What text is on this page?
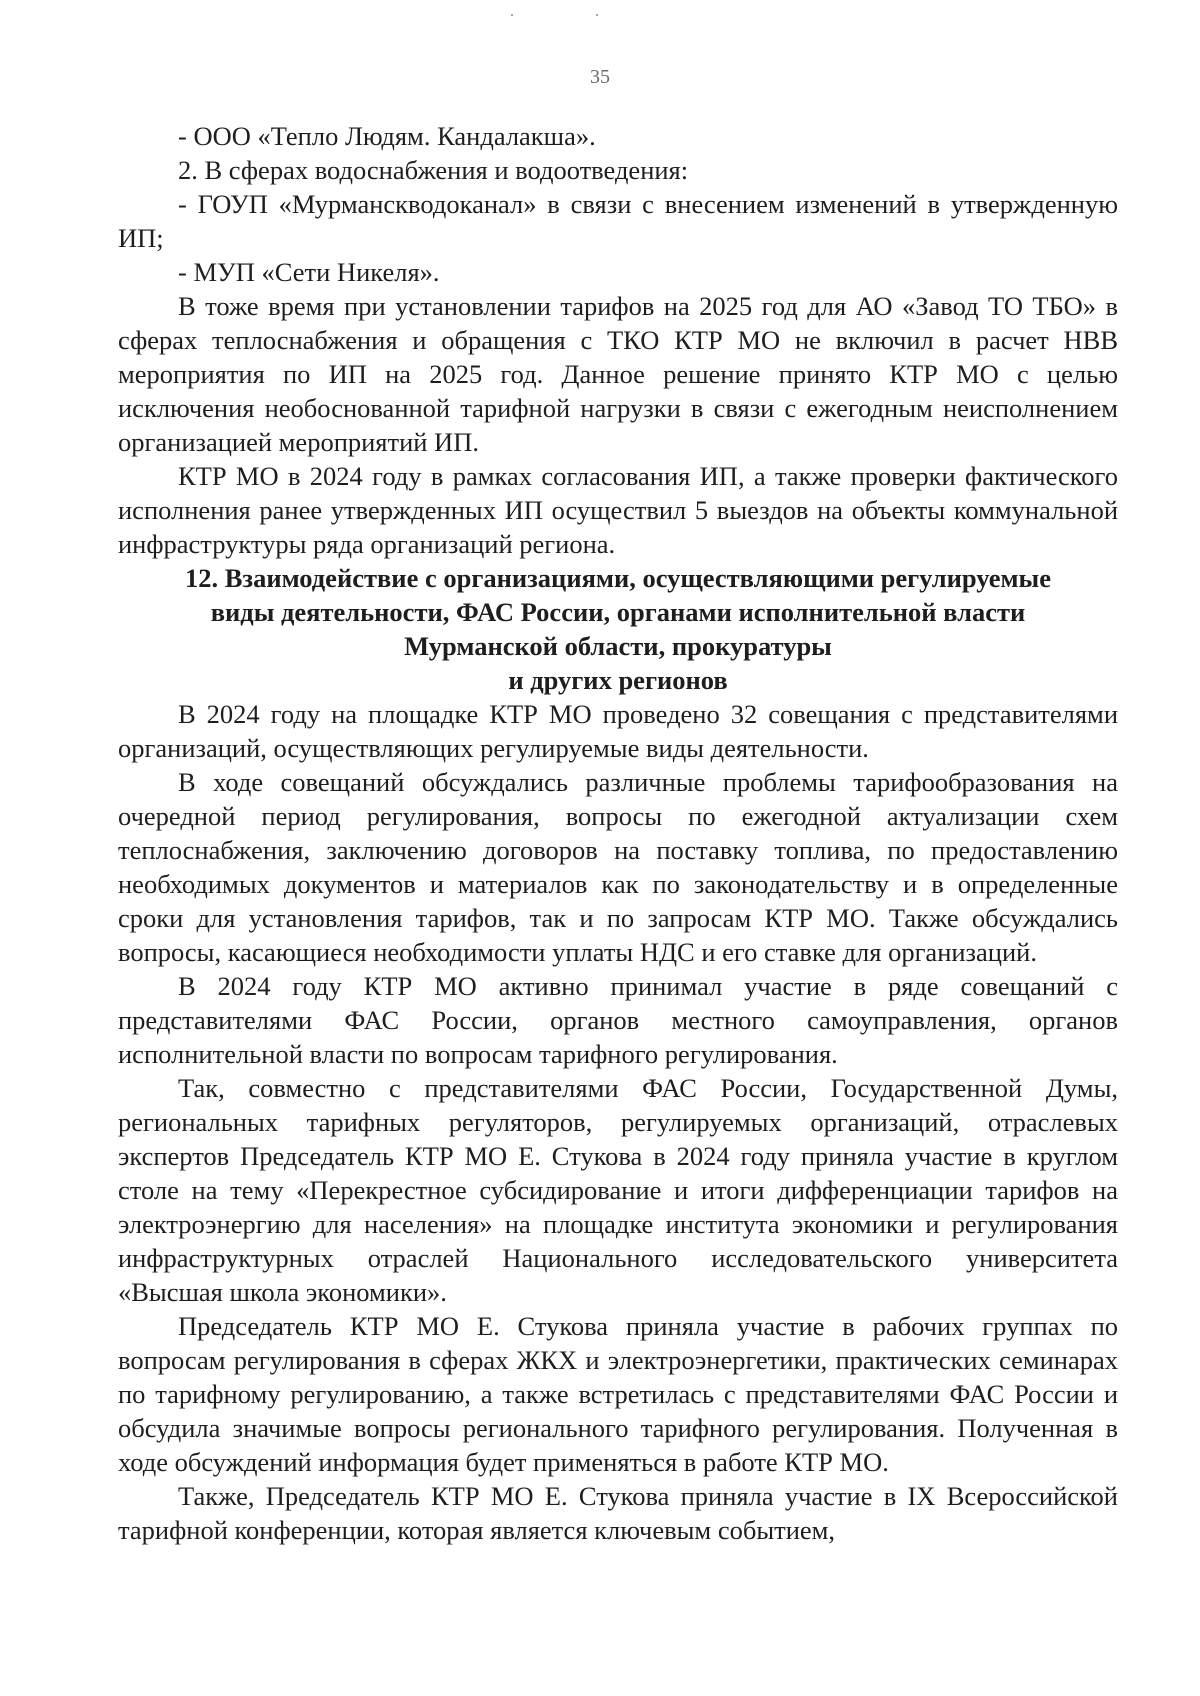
35

- ООО «Тепло Людям. Кандалакша».

2. В сферах водоснабжения и водоотведения:

- ГОУП «Мурманскводоканал» в связи с внесением изменений в утвержденную ИП;

- МУП «Сети Никеля».

В тоже время при установлении тарифов на 2025 год для АО «Завод ТО ТБО» в сферах теплоснабжения и обращения с ТКО КТР МО не включил в расчет НВВ мероприятия по ИП на 2025 год. Данное решение принято КТР МО с целью исключения необоснованной тарифной нагрузки в связи с ежегодным неисполнением организацией мероприятий ИП.

КТР МО в 2024 году в рамках согласования ИП, а также проверки фактического исполнения ранее утвержденных ИП осуществил 5 выездов на объекты коммунальной инфраструктуры ряда организаций региона.

12. Взаимодействие с организациями, осуществляющими регулируемые
виды деятельности, ФАС России, органами исполнительной власти
Мурманской области, прокуратуры
и других регионов

В 2024 году на площадке КТР МО проведено 32 совещания с представителями организаций, осуществляющих регулируемые виды деятельности.

В ходе совещаний обсуждались различные проблемы тарифообразования на очередной период регулирования, вопросы по ежегодной актуализации схем теплоснабжения, заключению договоров на поставку топлива, по предоставлению необходимых документов и материалов как по законодательству и в определенные сроки для установления тарифов, так и по запросам КТР МО. Также обсуждались вопросы, касающиеся необходимости уплаты НДС и его ставке для организаций.

В 2024 году КТР МО активно принимал участие в ряде совещаний с представителями ФАС России, органов местного самоуправления, органов исполнительной власти по вопросам тарифного регулирования.

Так, совместно с представителями ФАС России, Государственной Думы, региональных тарифных регуляторов, регулируемых организаций, отраслевых экспертов Председатель КТР МО Е. Стукова в 2024 году приняла участие в круглом столе на тему «Перекрестное субсидирование и итоги дифференциации тарифов на электроэнергию для населения» на площадке института экономики и регулирования инфраструктурных отраслей Национального исследовательского университета «Высшая школа экономики».

Председатель КТР МО Е. Стукова приняла участие в рабочих группах по вопросам регулирования в сферах ЖКХ и электроэнергетики, практических семинарах по тарифному регулированию, а также встретилась с представителями ФАС России и обсудила значимые вопросы регионального тарифного регулирования. Полученная в ходе обсуждений информация будет применяться в работе КТР МО.

Также, Председатель КТР МО Е. Стукова приняла участие в IX Всероссийской тарифной конференции, которая является ключевым событием,
